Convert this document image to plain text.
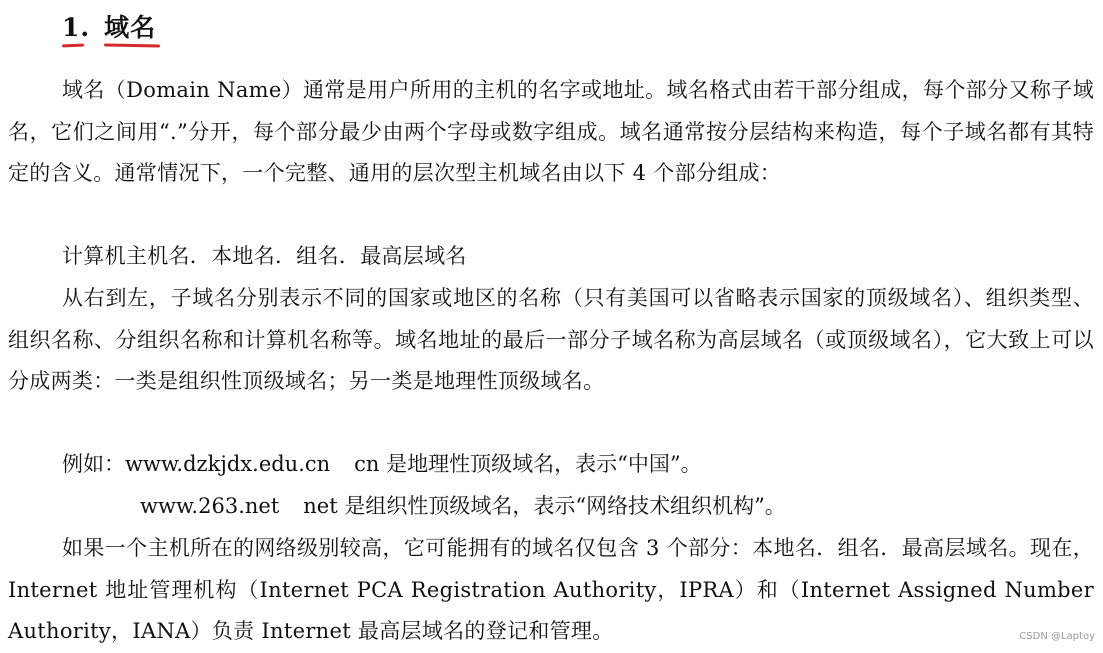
1. 域名

域名（Domain Name）通常是用户所用的主机的名字或地址。域名格式由若干部分组成，每个部分又称子域名，它们之间用“.”分开，每个部分最少由两个字母或数字组成。域名通常按分层结构来构造，每个子域名都有其特定的含义。通常情况下，一个完整、通用的层次型主机域名由以下 4 个部分组成：

计算机主机名．本地名．组名．最高层域名

从右到左，子域名分别表示不同的国家或地区的名称（只有美国可以省略表示国家的顶级域名）、组织类型、组织名称、分组织名称和计算机名称等。域名地址的最后一部分子域名称为高层域名（或顶级域名），它大致上可以分成两类：一类是组织性顶级域名；另一类是地理性顶级域名。

例如：www.dzkjdx.edu.cn cn 是地理性顶级域名，表示“中国”。
www.263.net net 是组织性顶级域名，表示“网络技术组织机构”。

如果一个主机所在的网络级别较高，它可能拥有的域名仅包含 3 个部分：本地名．组名．最高层域名。现在，Internet 地址管理机构（Internet PCA Registration Authority，IPRA）和（Internet Assigned Number Authority，IANA）负责 Internet 最高层域名的登记和管理。	CSDN @Laptoy
